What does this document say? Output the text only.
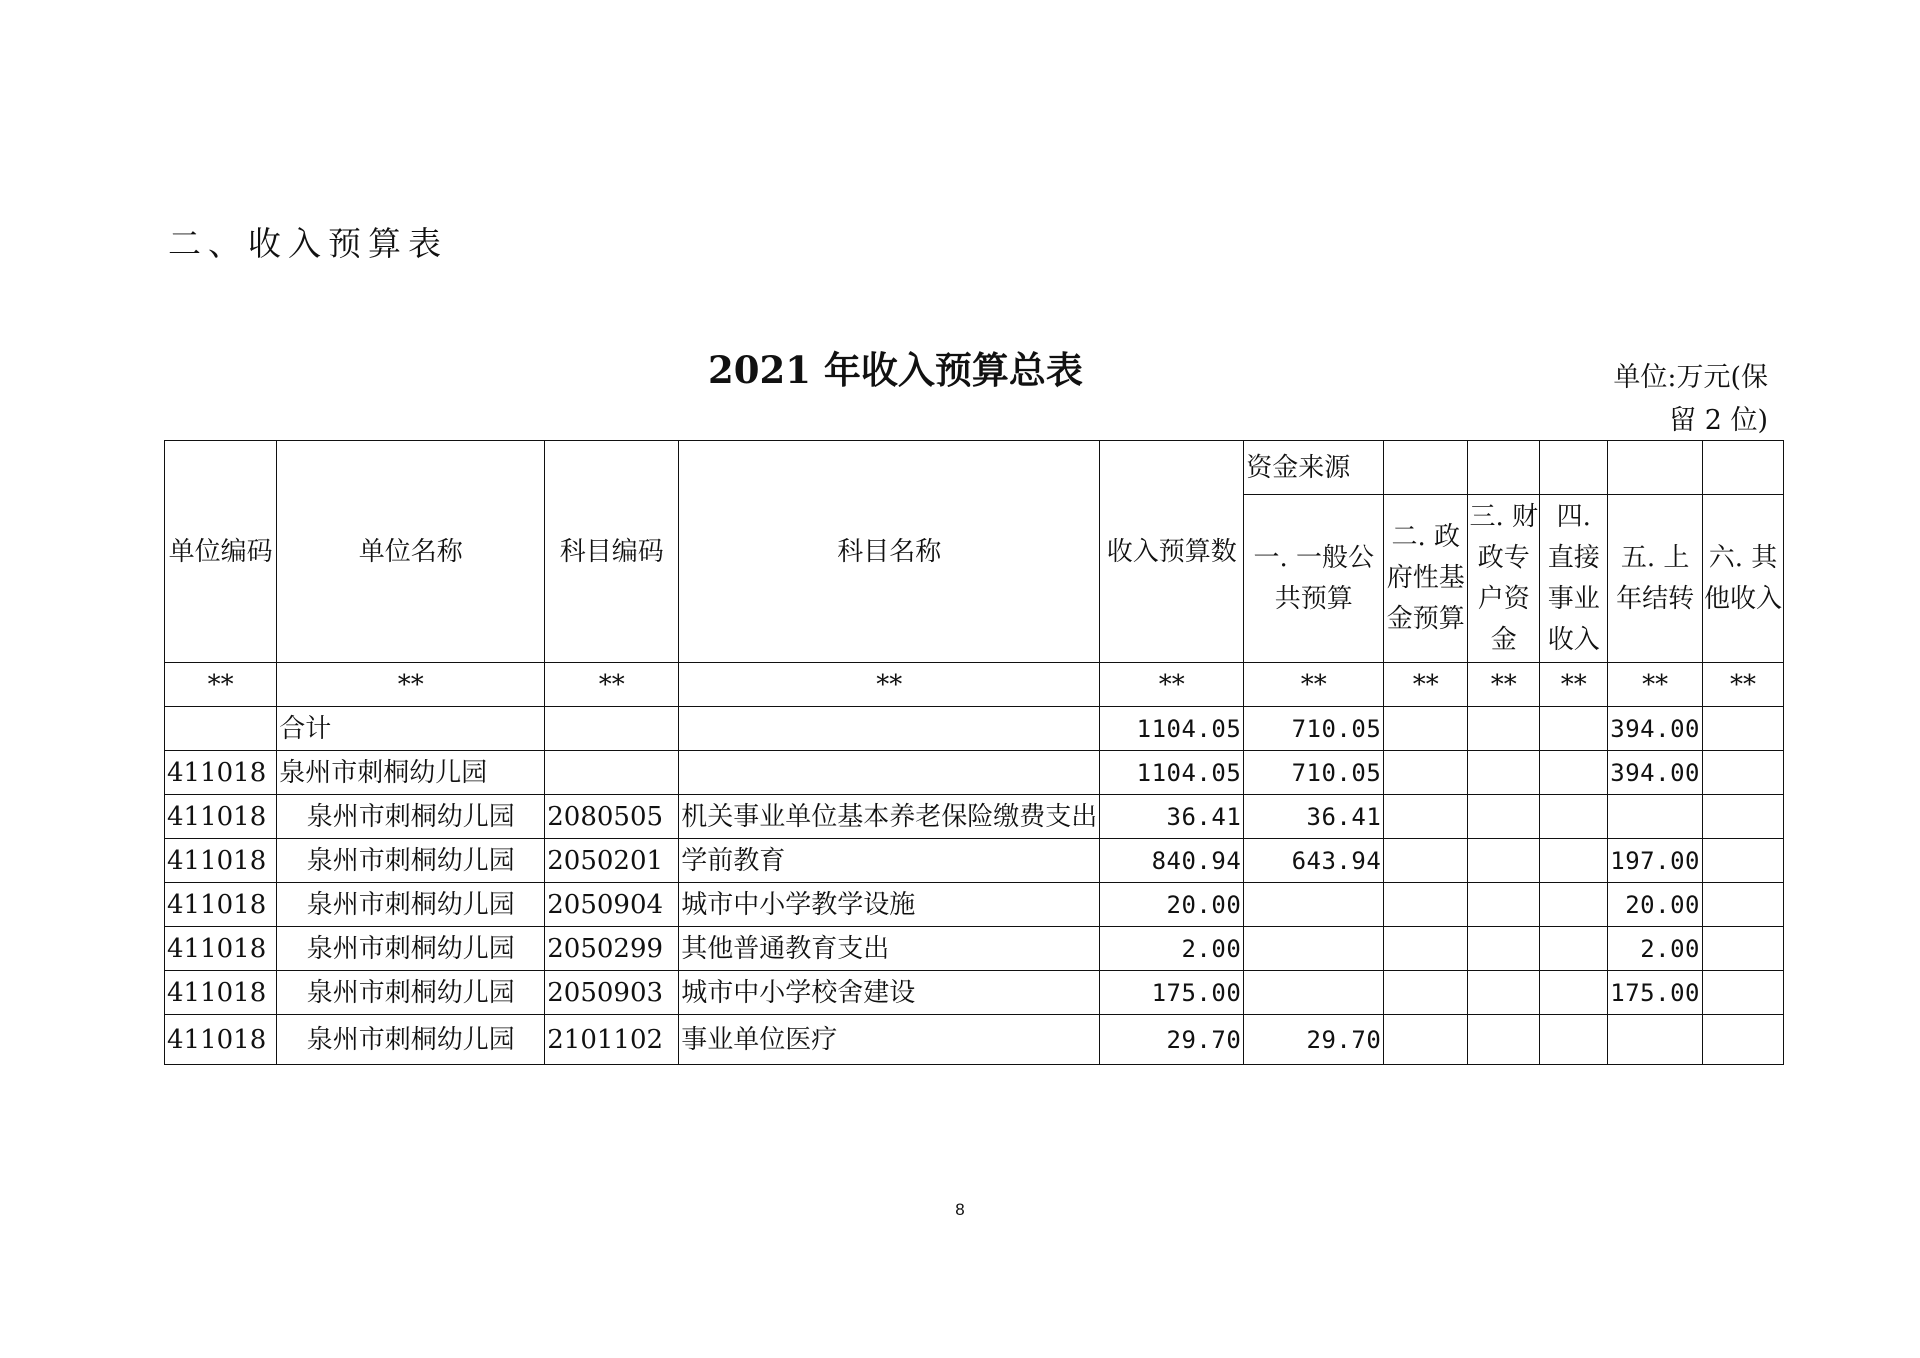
二、收入预算表
2021 年收入预算总表	单位:万元(保
留 2 位)
单位编码	单位名称	科目编码	科目名称	收入预算数	资金来源					
					一. 一般公共预算	二. 政府性基金预算	三. 财政专户资金	四. 直接事业收入	五. 上年结转	六. 其他收入
**	**	**	**	**	**	**	**	**	**	**
	合计			1104.05	710.05				394.00	
411018	泉州市刺桐幼儿园			1104.05	710.05				394.00	
411018	泉州市刺桐幼儿园	2080505	机关事业单位基本养老保险缴费支出	36.41	36.41					
411018	泉州市刺桐幼儿园	2050201	学前教育	840.94	643.94				197.00	
411018	泉州市刺桐幼儿园	2050904	城市中小学教学设施	20.00					20.00	
411018	泉州市刺桐幼儿园	2050299	其他普通教育支出	2.00					2.00	
411018	泉州市刺桐幼儿园	2050903	城市中小学校舍建设	175.00					175.00	
411018	泉州市刺桐幼儿园	2101102	事业单位医疗	29.70	29.70					
8
